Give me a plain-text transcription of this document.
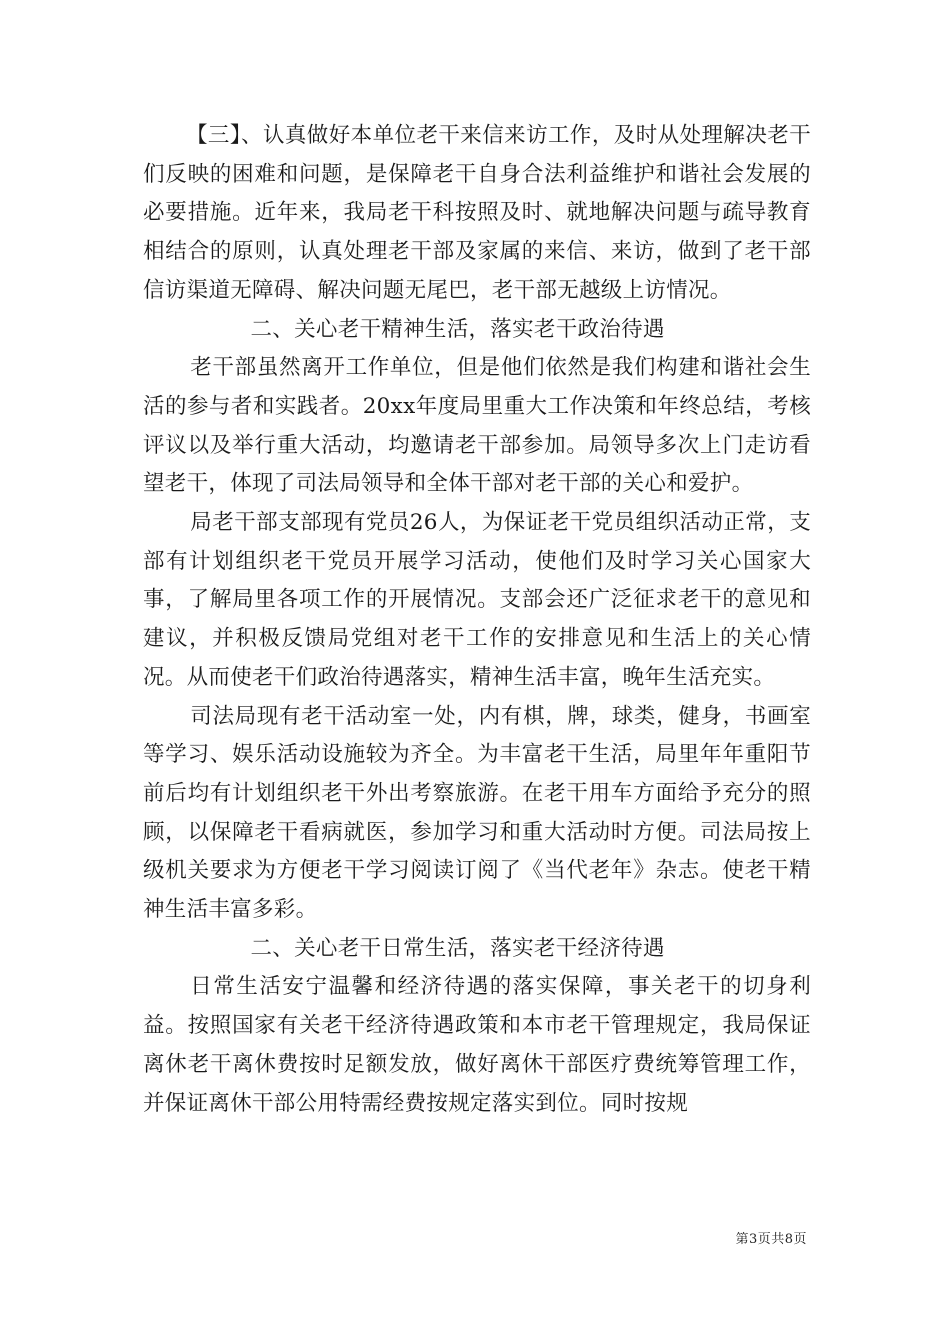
【三】、认真做好本单位老干来信来访工作，及时从处理解决老干们反映的困难和问题，是保障老干自身合法利益维护和谐社会发展的必要措施。近年来，我局老干科按照及时、就地解决问题与疏导教育相结合的原则，认真处理老干部及家属的来信、来访，做到了老干部信访渠道无障碍、解决问题无尾巴，老干部无越级上访情况。

二、关心老干精神生活，落实老干政治待遇

老干部虽然离开工作单位，但是他们依然是我们构建和谐社会生活的参与者和实践者。20xx年度局里重大工作决策和年终总结，考核评议以及举行重大活动，均邀请老干部参加。局领导多次上门走访看望老干，体现了司法局领导和全体干部对老干部的关心和爱护。

局老干部支部现有党员26人，为保证老干党员组织活动正常，支部有计划组织老干党员开展学习活动，使他们及时学习关心国家大事，了解局里各项工作的开展情况。支部会还广泛征求老干的意见和建议，并积极反馈局党组对老干工作的安排意见和生活上的关心情况。从而使老干们政治待遇落实，精神生活丰富，晚年生活充实。

司法局现有老干活动室一处，内有棋，牌，球类，健身，书画室等学习、娱乐活动设施较为齐全。为丰富老干生活，局里年年重阳节前后均有计划组织老干外出考察旅游。在老干用车方面给予充分的照顾，以保障老干看病就医，参加学习和重大活动时方便。司法局按上级机关要求为方便老干学习阅读订阅了《当代老年》杂志。使老干精神生活丰富多彩。

二、关心老干日常生活，落实老干经济待遇

日常生活安宁温馨和经济待遇的落实保障，事关老干的切身利益。按照国家有关老干经济待遇政策和本市老干管理规定，我局保证离休老干离休费按时足额发放，做好离休干部医疗费统筹管理工作，并保证离休干部公用特需经费按规定落实到位。同时按规

第3页共8页
